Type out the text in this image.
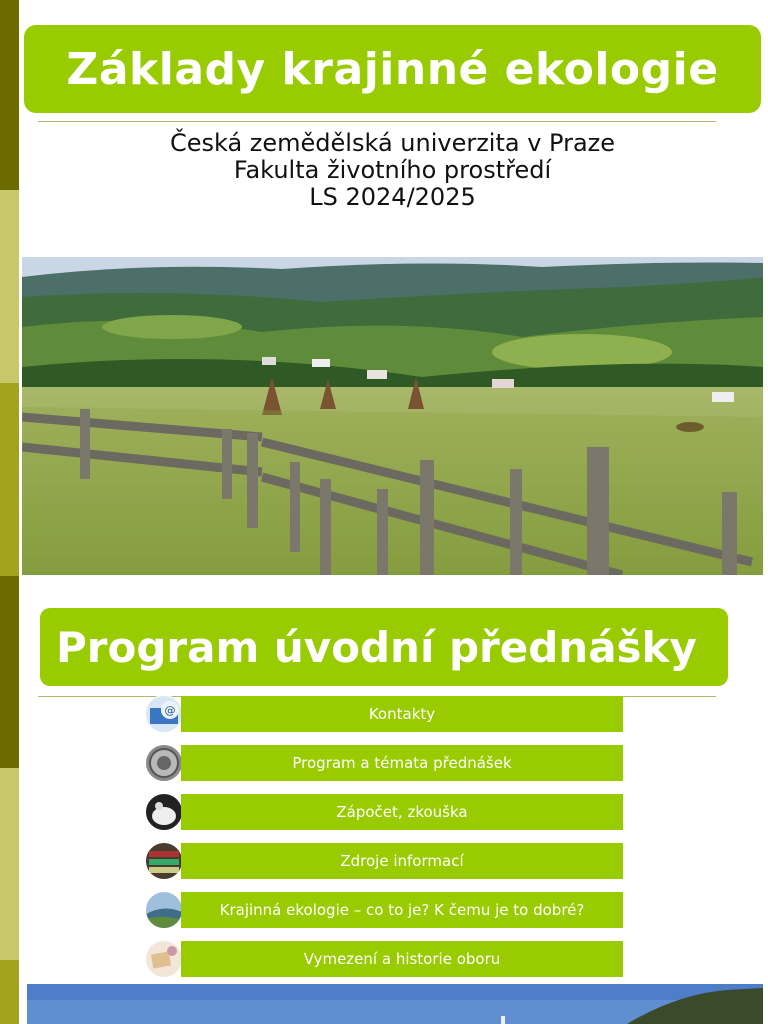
Základy krajinné ekologie
Česká zemědělská univerzita v Praze
Fakulta životního prostředí
LS 2024/2025
Program úvodní přednášky
@	Kontakty
Program a témata přednášek
Zápočet, zkouška
Zdroje informací
Krajinná ekologie – co to je? K čemu je to dobré?
Vymezení a historie oboru
